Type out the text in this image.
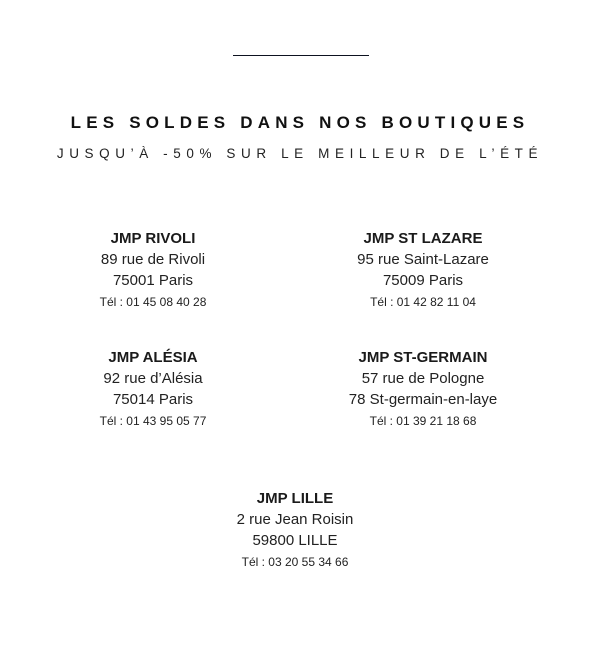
LES SOLDES DANS NOS BOUTIQUES
JUSQU’À -50% SUR LE MEILLEUR DE L’ÉTÉ
JMP RIVOLI
89 rue de Rivoli
75001 Paris
Tél : 01 45 08 40 28
JMP ST LAZARE
95 rue Saint-Lazare
75009 Paris
Tél : 01 42 82 11 04
JMP ALÉSIA
92 rue d’Alésia
75014 Paris
Tél : 01 43 95 05 77
JMP ST-GERMAIN
57 rue de Pologne
78 St-germain-en-laye
Tél : 01 39 21 18 68
JMP LILLE
2 rue Jean Roisin
59800 LILLE
Tél : 03 20 55 34 66
